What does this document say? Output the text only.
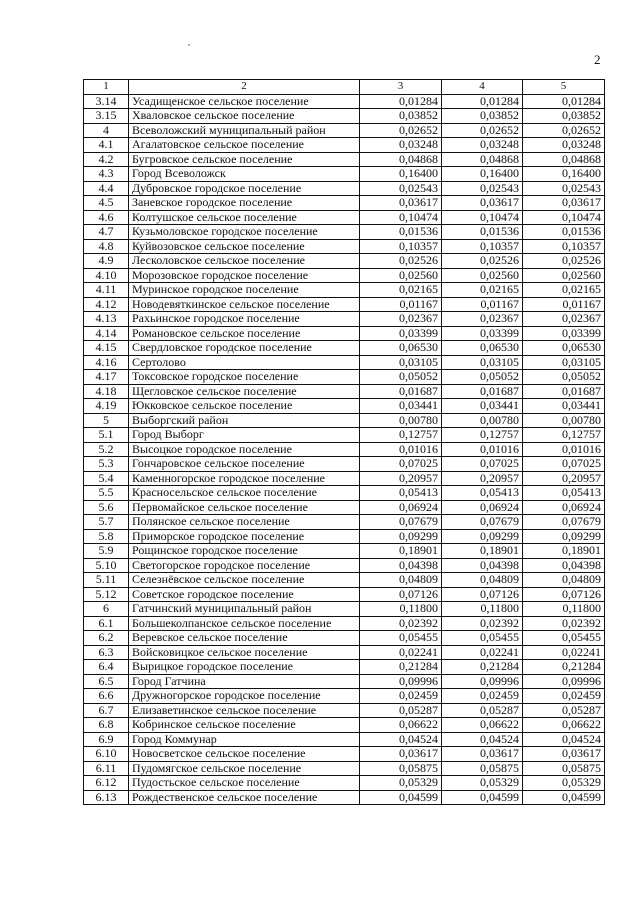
2
1	2	3	4	5
3.14	Усадищенское сельское поселение	0,01284	0,01284	0,01284
3.15	Хваловское сельское поселение	0,03852	0,03852	0,03852
4	Всеволожский муниципальный район	0,02652	0,02652	0,02652
4.1	Агалатовское сельское поселение	0,03248	0,03248	0,03248
4.2	Бугровское сельское поселение	0,04868	0,04868	0,04868
4.3	Город Всеволожск	0,16400	0,16400	0,16400
4.4	Дубровское городское поселение	0,02543	0,02543	0,02543
4.5	Заневское городское поселение	0,03617	0,03617	0,03617
4.6	Колтушское сельское поселение	0,10474	0,10474	0,10474
4.7	Кузьмоловское городское поселение	0,01536	0,01536	0,01536
4.8	Куйвозовское сельское поселение	0,10357	0,10357	0,10357
4.9	Лесколовское сельское поселение	0,02526	0,02526	0,02526
4.10	Морозовское городское поселение	0,02560	0,02560	0,02560
4.11	Муринское городское поселение	0,02165	0,02165	0,02165
4.12	Новодевяткинское сельское поселение	0,01167	0,01167	0,01167
4.13	Рахьинское городское поселение	0,02367	0,02367	0,02367
4.14	Романовское сельское поселение	0,03399	0,03399	0,03399
4.15	Свердловское городское поселение	0,06530	0,06530	0,06530
4.16	Сертолово	0,03105	0,03105	0,03105
4.17	Токсовское городское поселение	0,05052	0,05052	0,05052
4.18	Щегловское сельское поселение	0,01687	0,01687	0,01687
4.19	Юкковское сельское поселение	0,03441	0,03441	0,03441
5	Выборгский район	0,00780	0,00780	0,00780
5.1	Город Выборг	0,12757	0,12757	0,12757
5.2	Высоцкое городское поселение	0,01016	0,01016	0,01016
5.3	Гончаровское сельское поселение	0,07025	0,07025	0,07025
5.4	Каменногорское городское поселение	0,20957	0,20957	0,20957
5.5	Красносельское сельское поселение	0,05413	0,05413	0,05413
5.6	Первомайское сельское поселение	0,06924	0,06924	0,06924
5.7	Полянское сельское поселение	0,07679	0,07679	0,07679
5.8	Приморское городское поселение	0,09299	0,09299	0,09299
5.9	Рощинское городское поселение	0,18901	0,18901	0,18901
5.10	Светогорское городское поселение	0,04398	0,04398	0,04398
5.11	Селезнёвское сельское поселение	0,04809	0,04809	0,04809
5.12	Советское городское поселение	0,07126	0,07126	0,07126
6	Гатчинский муниципальный район	0,11800	0,11800	0,11800
6.1	Большеколпанское сельское поселение	0,02392	0,02392	0,02392
6.2	Веревское сельское поселение	0,05455	0,05455	0,05455
6.3	Войсковицкое сельское поселение	0,02241	0,02241	0,02241
6.4	Вырицкое городское поселение	0,21284	0,21284	0,21284
6.5	Город Гатчина	0,09996	0,09996	0,09996
6.6	Дружногорское городское поселение	0,02459	0,02459	0,02459
6.7	Елизаветинское сельское поселение	0,05287	0,05287	0,05287
6.8	Кобринское сельское поселение	0,06622	0,06622	0,06622
6.9	Город Коммунар	0,04524	0,04524	0,04524
6.10	Новосветское сельское поселение	0,03617	0,03617	0,03617
6.11	Пудомягское сельское поселение	0,05875	0,05875	0,05875
6.12	Пудостьское сельское поселение	0,05329	0,05329	0,05329
6.13	Рождественское сельское поселение	0,04599	0,04599	0,04599
